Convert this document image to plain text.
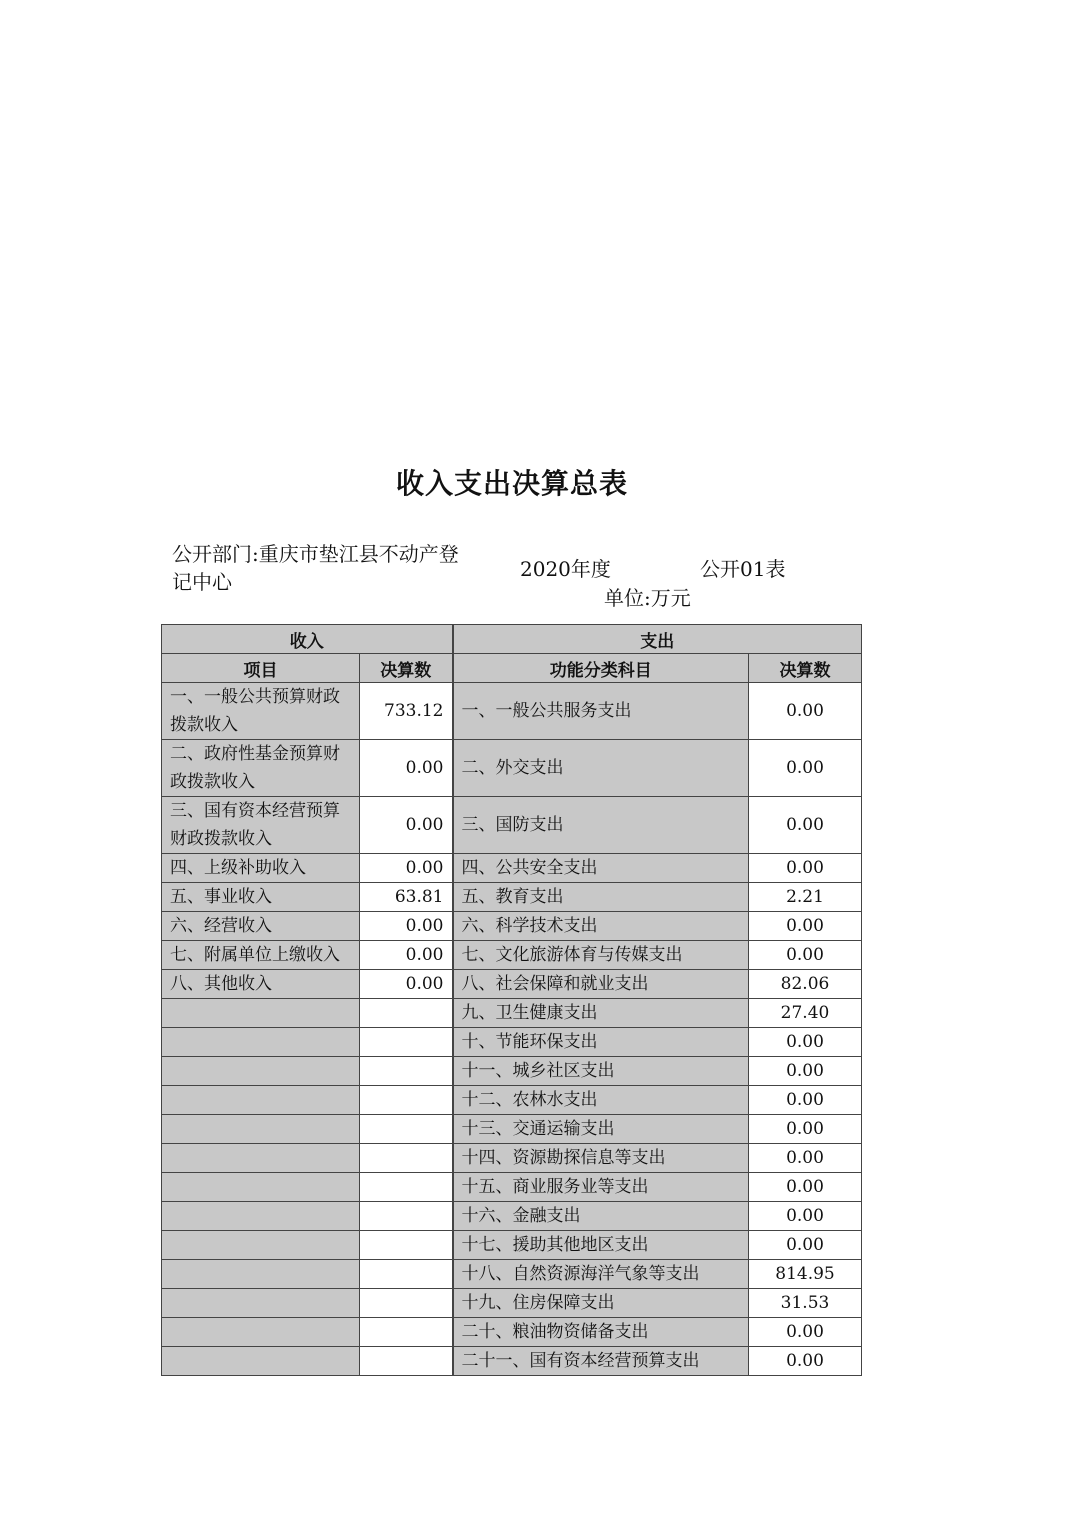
收入支出决算总表
公开部门:重庆市垫江县不动产登记中心
2020年度	公开01表
单位:万元
收入		支出	
项目	决算数	功能分类科目	决算数
一、一般公共预算财政拨款收入	733.12	一、一般公共服务支出	0.00
二、政府性基金预算财政拨款收入	0.00	二、外交支出	0.00
三、国有资本经营预算财政拨款收入	0.00	三、国防支出	0.00
四、上级补助收入	0.00	四、公共安全支出	0.00
五、事业收入	63.81	五、教育支出	2.21
六、经营收入	0.00	六、科学技术支出	0.00
七、附属单位上缴收入	0.00	七、文化旅游体育与传媒支出	0.00
八、其他收入	0.00	八、社会保障和就业支出	82.06
		九、卫生健康支出	27.40
		十、节能环保支出	0.00
		十一、城乡社区支出	0.00
		十二、农林水支出	0.00
		十三、交通运输支出	0.00
		十四、资源勘探信息等支出	0.00
		十五、商业服务业等支出	0.00
		十六、金融支出	0.00
		十七、援助其他地区支出	0.00
		十八、自然资源海洋气象等支出	814.95
		十九、住房保障支出	31.53
		二十、粮油物资储备支出	0.00
		二十一、国有资本经营预算支出	0.00
